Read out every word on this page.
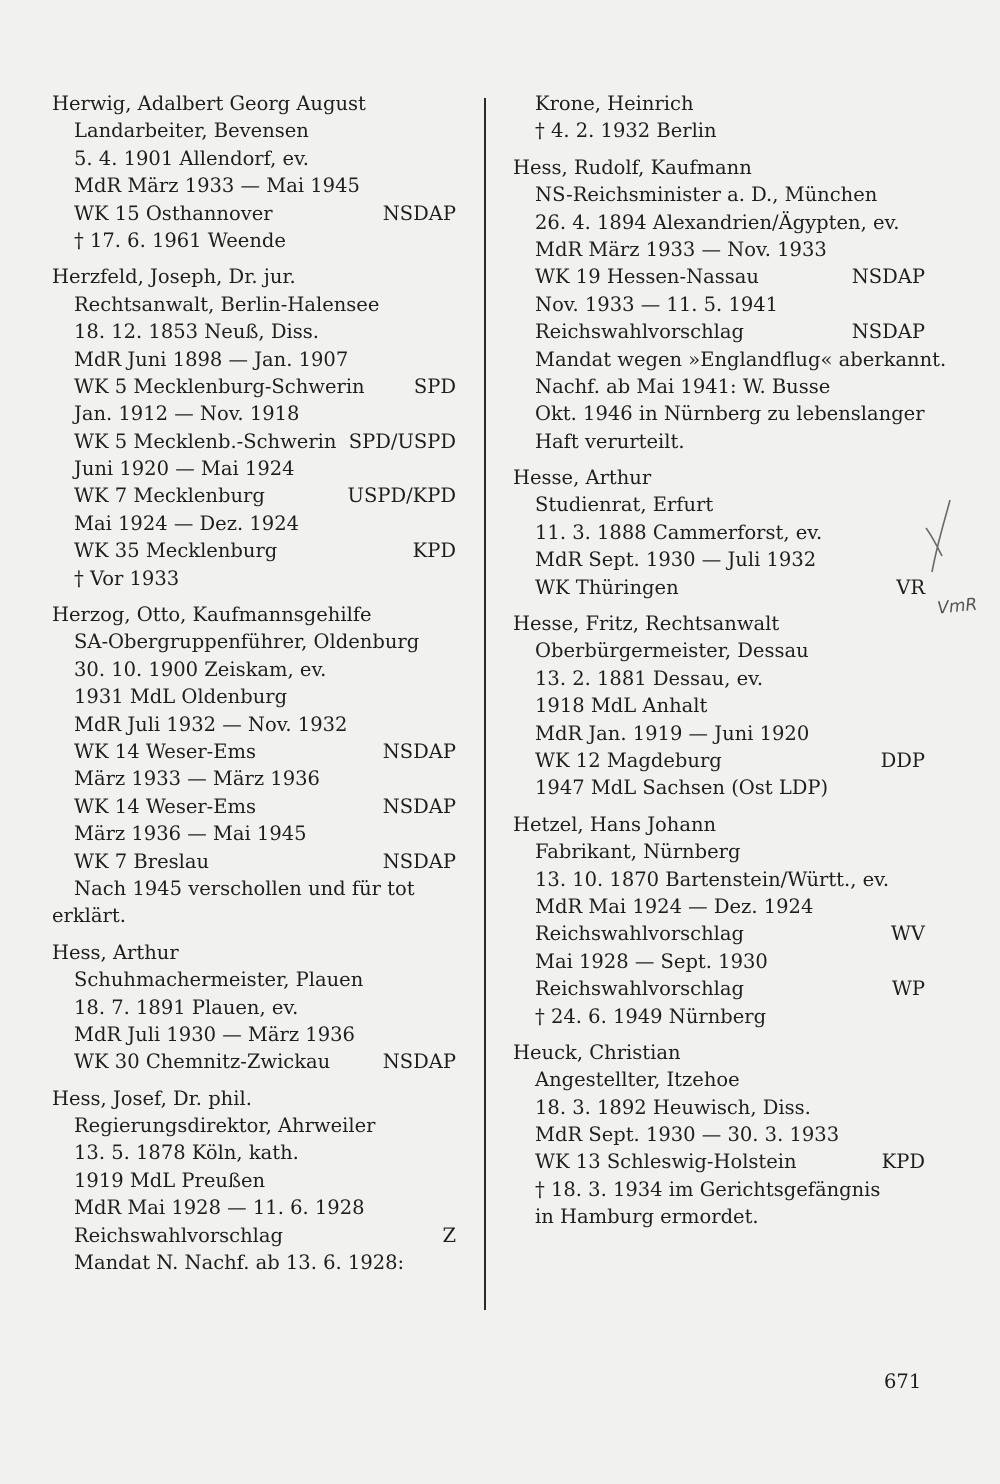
Herwig, Adalbert Georg August
Landarbeiter, Bevensen
5. 4. 1901 Allendorf, ev.
MdR März 1933 — Mai 1945
WK 15 Osthannover	NSDAP
† 17. 6. 1961 Weende
Herzfeld, Joseph, Dr. jur.
Rechtsanwalt, Berlin-Halensee
18. 12. 1853 Neuß, Diss.
MdR Juni 1898 — Jan. 1907
WK 5 Mecklenburg-Schwerin	SPD
Jan. 1912 — Nov. 1918
WK 5 Mecklenb.-Schwerin SPD/USPD
Juni 1920 — Mai 1924
WK 7 Mecklenburg	USPD/KPD
Mai 1924 — Dez. 1924
WK 35 Mecklenburg	KPD
† Vor 1933
Herzog, Otto, Kaufmannsgehilfe
SA-Obergruppenführer, Oldenburg
30. 10. 1900 Zeiskam, ev.
1931 MdL Oldenburg
MdR Juli 1932 — Nov. 1932
WK 14 Weser-Ems	NSDAP
März 1933 — März 1936
WK 14 Weser-Ems	NSDAP
März 1936 — Mai 1945
WK 7 Breslau	NSDAP
Nach 1945 verschollen und für tot
erklärt.
Hess, Arthur
Schuhmachermeister, Plauen
18. 7. 1891 Plauen, ev.
MdR Juli 1930 — März 1936
WK 30 Chemnitz-Zwickau	NSDAP
Hess, Josef, Dr. phil.
Regierungsdirektor, Ahrweiler
13. 5. 1878 Köln, kath.
1919 MdL Preußen
MdR Mai 1928 — 11. 6. 1928
Reichswahlvorschlag	Z
Mandat N. Nachf. ab 13. 6. 1928:
Krone, Heinrich
† 4. 2. 1932 Berlin
Hess, Rudolf, Kaufmann
NS-Reichsminister a. D., München
26. 4. 1894 Alexandrien/Ägypten, ev.
MdR März 1933 — Nov. 1933
WK 19 Hessen-Nassau	NSDAP
Nov. 1933 — 11. 5. 1941
Reichswahlvorschlag	NSDAP
Mandat wegen »Englandflug« aberkannt.
Nachf. ab Mai 1941: W. Busse
Okt. 1946 in Nürnberg zu lebenslanger
Haft verurteilt.
Hesse, Arthur
Studienrat, Erfurt
11. 3. 1888 Cammerforst, ev.
MdR Sept. 1930 — Juli 1932
WK Thüringen	VR
Hesse, Fritz, Rechtsanwalt
Oberbürgermeister, Dessau
13. 2. 1881 Dessau, ev.
1918 MdL Anhalt
MdR Jan. 1919 — Juni 1920
WK 12 Magdeburg	DDP
1947 MdL Sachsen (Ost LDP)
Hetzel, Hans Johann
Fabrikant, Nürnberg
13. 10. 1870 Bartenstein/Württ., ev.
MdR Mai 1924 — Dez. 1924
Reichswahlvorschlag	WV
Mai 1928 — Sept. 1930
Reichswahlvorschlag	WP
† 24. 6. 1949 Nürnberg
Heuck, Christian
Angestellter, Itzehoe
18. 3. 1892 Heuwisch, Diss.
MdR Sept. 1930 — 30. 3. 1933
WK 13 Schleswig-Holstein	KPD
† 18. 3. 1934 im Gerichtsgefängnis
in Hamburg ermordet.
VmR
671
